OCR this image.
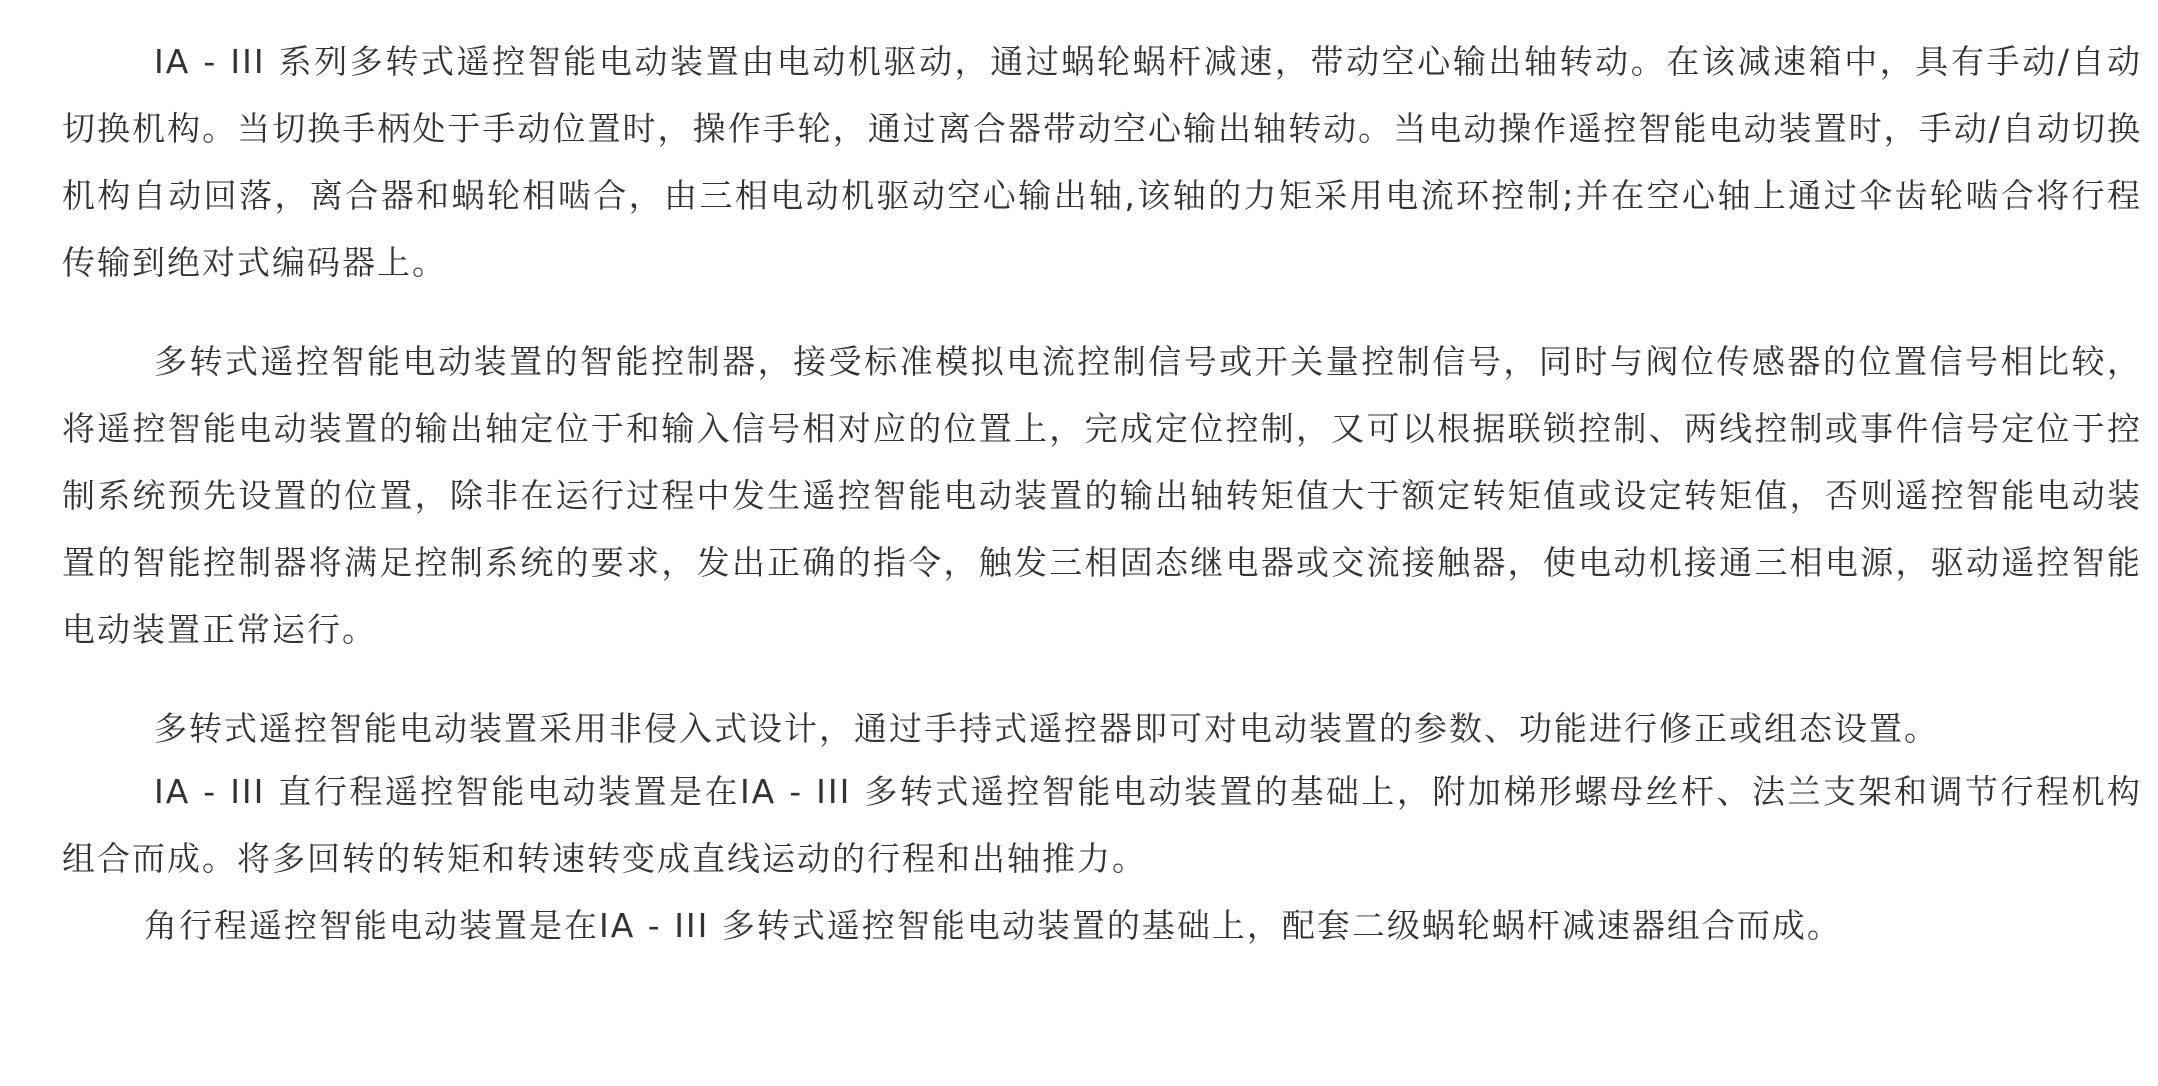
IA - III 系列多转式遥控智能电动装置由电动机驱动，通过蜗轮蜗杆减速，带动空心输出轴转动。在该减速箱中，具有手动/自动切换机构。当切换手柄处于手动位置时，操作手轮，通过离合器带动空心输出轴转动。当电动操作遥控智能电动装置时，手动/自动切换机构自动回落，离合器和蜗轮相啮合，由三相电动机驱动空心输出轴,该轴的力矩采用电流环控制;并在空心轴上通过伞齿轮啮合将行程传输到绝对式编码器上。

多转式遥控智能电动装置的智能控制器，接受标准模拟电流控制信号或开关量控制信号，同时与阀位传感器的位置信号相比较，将遥控智能电动装置的输出轴定位于和输入信号相对应的位置上，完成定位控制，又可以根据联锁控制、两线控制或事件信号定位于控制系统预先设置的位置，除非在运行过程中发生遥控智能电动装置的输出轴转矩值大于额定转矩值或设定转矩值，否则遥控智能电动装置的智能控制器将满足控制系统的要求，发出正确的指令，触发三相固态继电器或交流接触器，使电动机接通三相电源，驱动遥控智能电动装置正常运行。

多转式遥控智能电动装置采用非侵入式设计，通过手持式遥控器即可对电动装置的参数、功能进行修正或组态设置。

IA - III 直行程遥控智能电动装置是在IA - III 多转式遥控智能电动装置的基础上，附加梯形螺母丝杆、法兰支架和调节行程机构组合而成。将多回转的转矩和转速转变成直线运动的行程和出轴推力。

角行程遥控智能电动装置是在IA - III 多转式遥控智能电动装置的基础上，配套二级蜗轮蜗杆减速器组合而成。
